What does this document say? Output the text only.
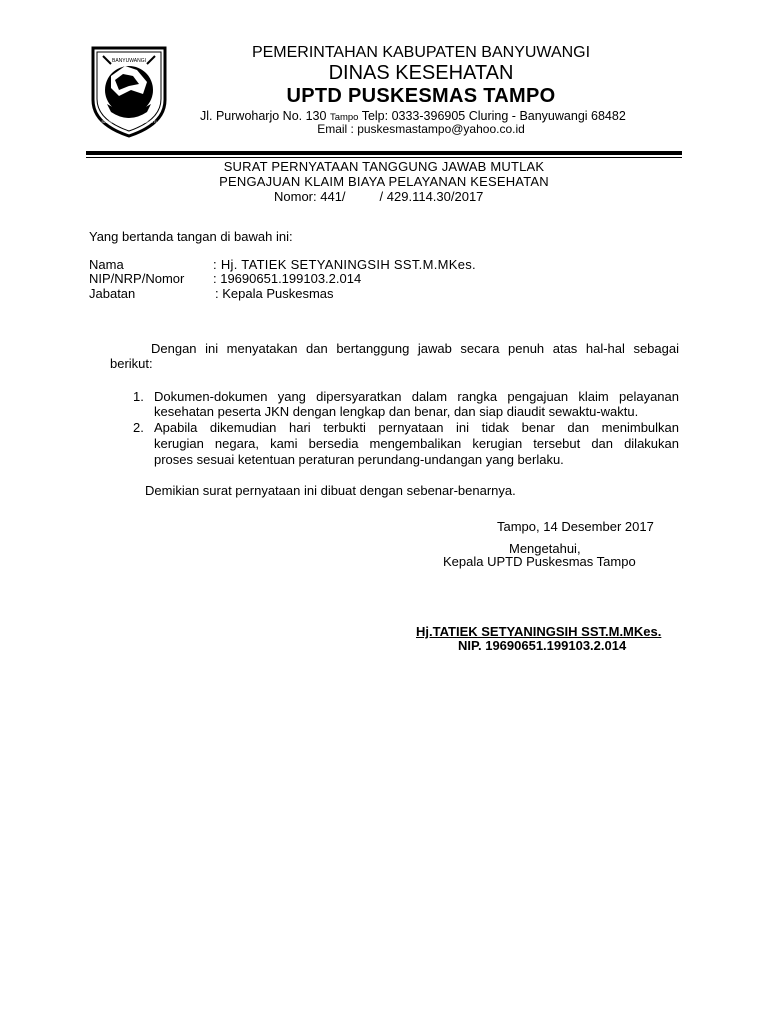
BANYUWANGI
SATYA BHAKTI PRAJA MUKTI
PEMERINTAHAN KABUPATEN BANYUWANGI
DINAS KESEHATAN
UPTD PUSKESMAS TAMPO
Jl. Purwoharjo No. 130 Tampo Telp: 0333-396905 Cluring - Banyuwangi 68482
Email : puskesmastampo@yahoo.co.id
SURAT PERNYATAAN TANGGUNG JAWAB MUTLAK
PENGAJUAN KLAIM BIAYA PELAYANAN KESEHATAN
Nomor: 441/	/ 429.114.30/2017
Yang bertanda tangan di bawah ini:
Nama	: Hj. TATIEK SETYANINGSIH SST.M.MKes.
NIP/NRP/Nomor : 19690651.199103.2.014
Jabatan	: Kepala Puskesmas
Dengan ini menyatakan dan bertanggung jawab secara penuh atas hal-hal sebagai
berikut:
1. Dokumen-dokumen yang dipersyaratkan dalam rangka pengajuan klaim pelayanan
kesehatan peserta JKN dengan lengkap dan benar, dan siap diaudit sewaktu-waktu.
2. Apabila dikemudian hari terbukti pernyataan ini tidak benar dan menimbulkan
kerugian negara, kami bersedia mengembalikan kerugian tersebut dan dilakukan
proses sesuai ketentuan peraturan perundang-undangan yang berlaku.
Demikian surat pernyataan ini dibuat dengan sebenar-benarnya.
Tampo, 14 Desember 2017
Mengetahui,
Kepala UPTD Puskesmas Tampo
Hj.TATIEK SETYANINGSIH SST.M.MKes.
NIP. 19690651.199103.2.014
